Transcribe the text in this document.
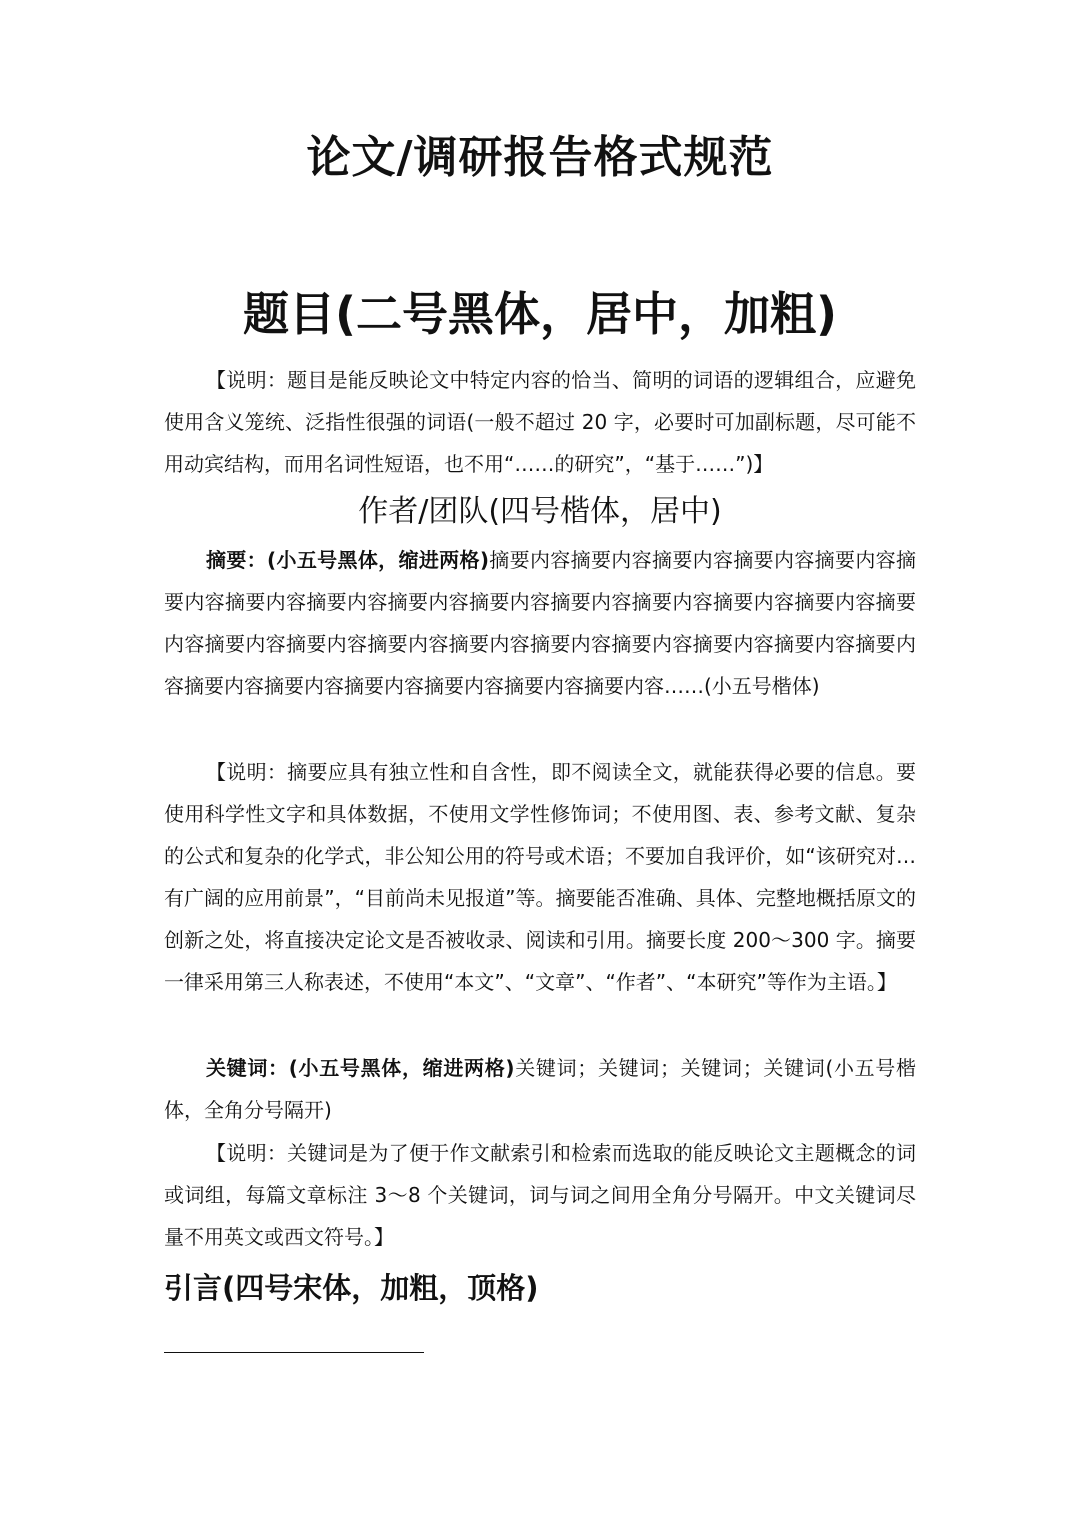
论文/调研报告格式规范
题目(二号黑体，居中，加粗)
【说明：题目是能反映论文中特定内容的恰当、简明的词语的逻辑组合，应避免使用含义笼统、泛指性很强的词语(一般不超过 20 字，必要时可加副标题，尽可能不用动宾结构，而用名词性短语，也不用“……的研究”，“基于……”)】
作者/团队(四号楷体，居中)
摘要：(小五号黑体，缩进两格)摘要内容摘要内容摘要内容摘要内容摘要内容摘要内容摘要内容摘要内容摘要内容摘要内容摘要内容摘要内容摘要内容摘要内容摘要内容摘要内容摘要内容摘要内容摘要内容摘要内容摘要内容摘要内容摘要内容摘要内容摘要内容摘要内容摘要内容摘要内容摘要内容摘要内容……(小五号楷体)
【说明：摘要应具有独立性和自含性，即不阅读全文，就能获得必要的信息。要使用科学性文字和具体数据，不使用文学性修饰词；不使用图、表、参考文献、复杂的公式和复杂的化学式，非公知公用的符号或术语；不要加自我评价，如“该研究对…有广阔的应用前景”，“目前尚未见报道”等。摘要能否准确、具体、完整地概括原文的创新之处，将直接决定论文是否被收录、阅读和引用。摘要长度 200～300 字。摘要一律采用第三人称表述，不使用“本文”、“文章”、“作者”、“本研究”等作为主语。】
关键词：(小五号黑体，缩进两格)关键词；关键词；关键词；关键词(小五号楷体，全角分号隔开)
【说明：关键词是为了便于作文献索引和检索而选取的能反映论文主题概念的词或词组，每篇文章标注 3～8 个关键词，词与词之间用全角分号隔开。中文关键词尽量不用英文或西文符号。】
引言(四号宋体，加粗，顶格)
